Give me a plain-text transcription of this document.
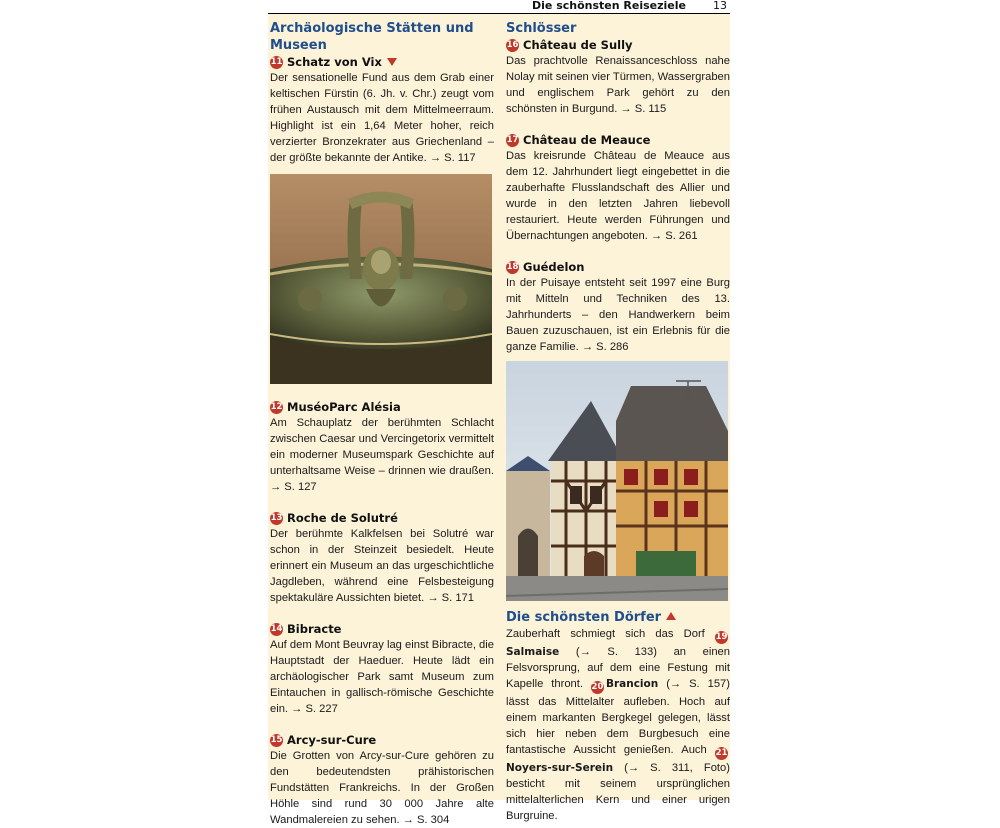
Die schönsten Reiseziele 13
Archäologische Stätten und Museen

11 Schatz von Vix

Der sensationelle Fund aus dem Grab einer keltischen Fürstin (6. Jh. v. Chr.) zeugt vom frühen Austausch mit dem Mittelmeerraum. Highlight ist ein 1,64 Meter hoher, reich verzierter Bronzekrater aus Griechenland – der größte bekannte der Antike. → S. 117

12 MuséoParc Alésia

Am Schauplatz der berühmten Schlacht zwischen Caesar und Vercingetorix vermittelt ein moderner Museumspark Geschichte auf unterhaltsame Weise – drinnen wie draußen. → S. 127

13 Roche de Solutré

Der berühmte Kalkfelsen bei Solutré war schon in der Steinzeit besiedelt. Heute erinnert ein Museum an das urgeschichtliche Jagdleben, während eine Felsbesteigung spektakuläre Aussichten bietet. → S. 171

14 Bibracte

Auf dem Mont Beuvray lag einst Bibracte, die Hauptstadt der Haeduer. Heute lädt ein archäologischer Park samt Museum zum Eintauchen in gallisch-römische Geschichte ein. → S. 227

15 Arcy-sur-Cure

Die Grotten von Arcy-sur-Cure gehören zu den bedeutendsten prähistorischen Fundstätten Frankreichs. In der Großen Höhle sind rund 30 000 Jahre alte Wandmalereien zu sehen. → S. 304

Schlösser

16 Château de Sully

Das prachtvolle Renaissanceschloss nahe Nolay mit seinen vier Türmen, Wassergraben und englischem Park gehört zu den schönsten in Burgund. → S. 115

17 Château de Meauce

Das kreisrunde Château de Meauce aus dem 12. Jahrhundert liegt eingebettet in die zauberhafte Flusslandschaft des Allier und wurde in den letzten Jahren liebevoll restauriert. Heute werden Führungen und Übernachtungen angeboten. → S. 261

18 Guédelon

In der Puisaye entsteht seit 1997 eine Burg mit Mitteln und Techniken des 13. Jahrhunderts – den Handwerkern beim Bauen zuzuschauen, ist ein Erlebnis für die ganze Familie. → S. 286

Die schönsten Dörfer

Zauberhaft schmiegt sich das Dorf 19Salmaise (→ S. 133) an einen Felsvorsprung, auf dem eine Festung mit Kapelle thront. 20 Brancion (→ S. 157) lässt das Mittelalter aufleben. Hoch auf einem markanten Bergkegel gelegen, lässt sich hier neben dem Burgbesuch eine fantastische Aussicht genießen. Auch 21Noyers-sur-Serein (→ S. 311, Foto) besticht mit seinem ursprünglichen mittelalterlichen Kern und einer urigen Burgruine.
